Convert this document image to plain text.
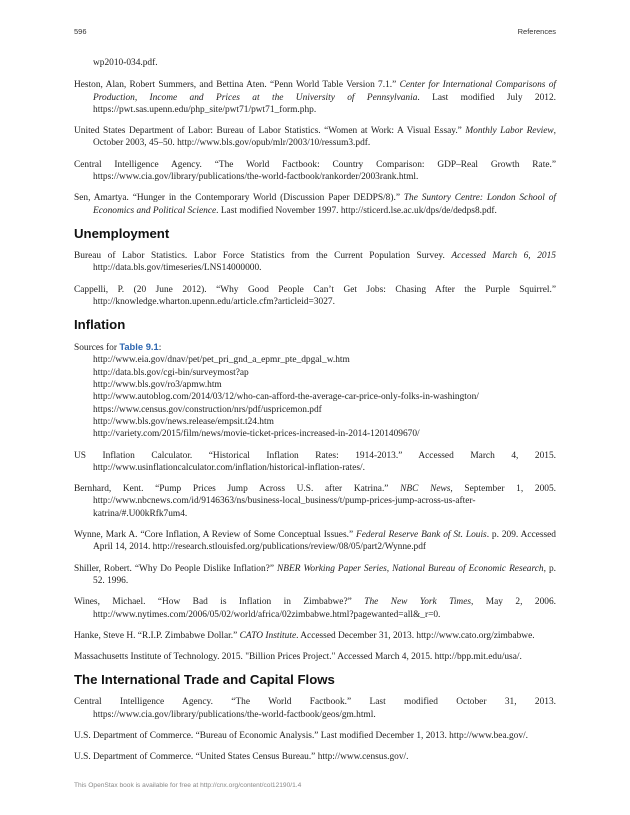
596	References

wp2010-034.pdf.

Heston, Alan, Robert Summers, and Bettina Aten. “Penn World Table Version 7.1.” Center for International Comparisons of Production, Income and Prices at the University of Pennsylvania. Last modified July 2012. https://pwt.sas.upenn.edu/php_site/pwt71/pwt71_form.php.

United States Department of Labor: Bureau of Labor Statistics. “Women at Work: A Visual Essay.” Monthly Labor Review, October 2003, 45–50. http://www.bls.gov/opub/mlr/2003/10/ressum3.pdf.

Central Intelligence Agency. “The World Factbook: Country Comparison: GDP–Real Growth Rate.” https://www.cia.gov/library/publications/the-world-factbook/rankorder/2003rank.html.

Sen, Amartya. “Hunger in the Contemporary World (Discussion Paper DEDPS/8).” The Suntory Centre: London School of Economics and Political Science. Last modified November 1997. http://sticerd.lse.ac.uk/dps/de/dedps8.pdf.

Unemployment

Bureau of Labor Statistics. Labor Force Statistics from the Current Population Survey. Accessed March 6, 2015 http://data.bls.gov/timeseries/LNS14000000.

Cappelli, P. (20 June 2012). “Why Good People Can’t Get Jobs: Chasing After the Purple Squirrel.” http://knowledge.wharton.upenn.edu/article.cfm?articleid=3027.

Inflation

Sources for Table 9.1:

http://www.eia.gov/dnav/pet/pet_pri_gnd_a_epmr_pte_dpgal_w.htm
http://data.bls.gov/cgi-bin/surveymost?ap
http://www.bls.gov/ro3/apmw.htm
http://www.autoblog.com/2014/03/12/who-can-afford-the-average-car-price-only-folks-in-washington/
https://www.census.gov/construction/nrs/pdf/uspricemon.pdf
http://www.bls.gov/news.release/empsit.t24.htm
http://variety.com/2015/film/news/movie-ticket-prices-increased-in-2014-1201409670/

US Inflation Calculator. “Historical Inflation Rates: 1914-2013.” Accessed March 4, 2015. http://www.usinflationcalculator.com/inflation/historical-inflation-rates/.

Bernhard, Kent. “Pump Prices Jump Across U.S. after Katrina.” NBC News, September 1, 2005. http://www.nbcnews.com/id/9146363/ns/business-local_business/t/pump-prices-jump-across-us-after-katrina/#.U00kRfk7um4.

Wynne, Mark A. “Core Inflation, A Review of Some Conceptual Issues.” Federal Reserve Bank of St. Louis. p. 209. Accessed April 14, 2014. http://research.stlouisfed.org/publications/review/08/05/part2/Wynne.pdf

Shiller, Robert. “Why Do People Dislike Inflation?” NBER Working Paper Series, National Bureau of Economic Research, p. 52. 1996.

Wines, Michael. “How Bad is Inflation in Zimbabwe?” The New York Times, May 2, 2006. http://www.nytimes.com/2006/05/02/world/africa/02zimbabwe.html?pagewanted=all&_r=0.

Hanke, Steve H. “R.I.P. Zimbabwe Dollar.” CATO Institute. Accessed December 31, 2013. http://www.cato.org/zimbabwe.

Massachusetts Institute of Technology. 2015. "Billion Prices Project." Accessed March 4, 2015. http://bpp.mit.edu/usa/.

The International Trade and Capital Flows

Central Intelligence Agency. “The World Factbook.” Last modified October 31, 2013. https://www.cia.gov/library/publications/the-world-factbook/geos/gm.html.

U.S. Department of Commerce. “Bureau of Economic Analysis.” Last modified December 1, 2013. http://www.bea.gov/.

U.S. Department of Commerce. “United States Census Bureau.” http://www.census.gov/.

This OpenStax book is available for free at http://cnx.org/content/col12190/1.4
